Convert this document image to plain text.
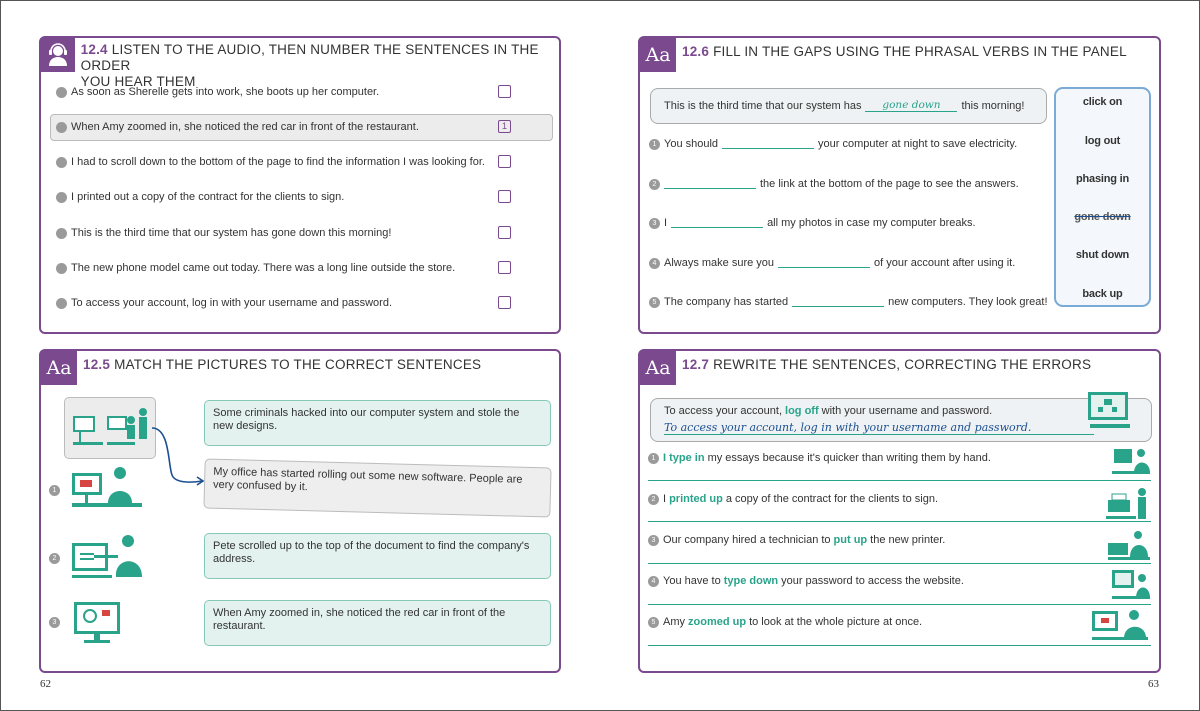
12.4 LISTEN TO THE AUDIO, THEN NUMBER THE SENTENCES IN THE ORDER
YOU HEAR THEM
As soon as Sherelle gets into work, she boots up her computer.
When Amy zoomed in, she noticed the red car in front of the restaurant.	1
I had to scroll down to the bottom of the page to find the information I was looking for.
I printed out a copy of the contract for the clients to sign.
This is the third time that our system has gone down this morning!
The new phone model came out today. There was a long line outside the store.
To access your account, log in with your username and password.
Aa 12.5 MATCH THE PICTURES TO THE CORRECT SENTENCES
1
2
3
Some criminals hacked into our computer system and stole the new designs.
My office has started rolling out some new software. People are very confused by it.
Pete scrolled up to the top of the document to find the company's address.
When Amy zoomed in, she noticed the red car in front of the restaurant.
62
Aa 12.6 FILL IN THE GAPS USING THE PHRASAL VERBS IN THE PANEL
This is the third time that our system has	gone down	this morning!
1 You should	your computer at night to save electricity.
2	the link at the bottom of the page to see the answers.
3 I	all my photos in case my computer breaks.
4 Always make sure you	of your account after using it.
5 The company has started	new computers. They look great!
click on
log out
phasing in
gone down
shut down
back up
Aa 12.7 REWRITE THE SENTENCES, CORRECTING THE ERRORS
To access your account, log off with your username and password.
To access your account, log in with your username and password.
1 I type in my essays because it's quicker than writing them by hand.
2 I printed up a copy of the contract for the clients to sign.
3 Our company hired a technician to put up the new printer.
4 You have to type down your password to access the website.
5 Amy zoomed up to look at the whole picture at once.
63
